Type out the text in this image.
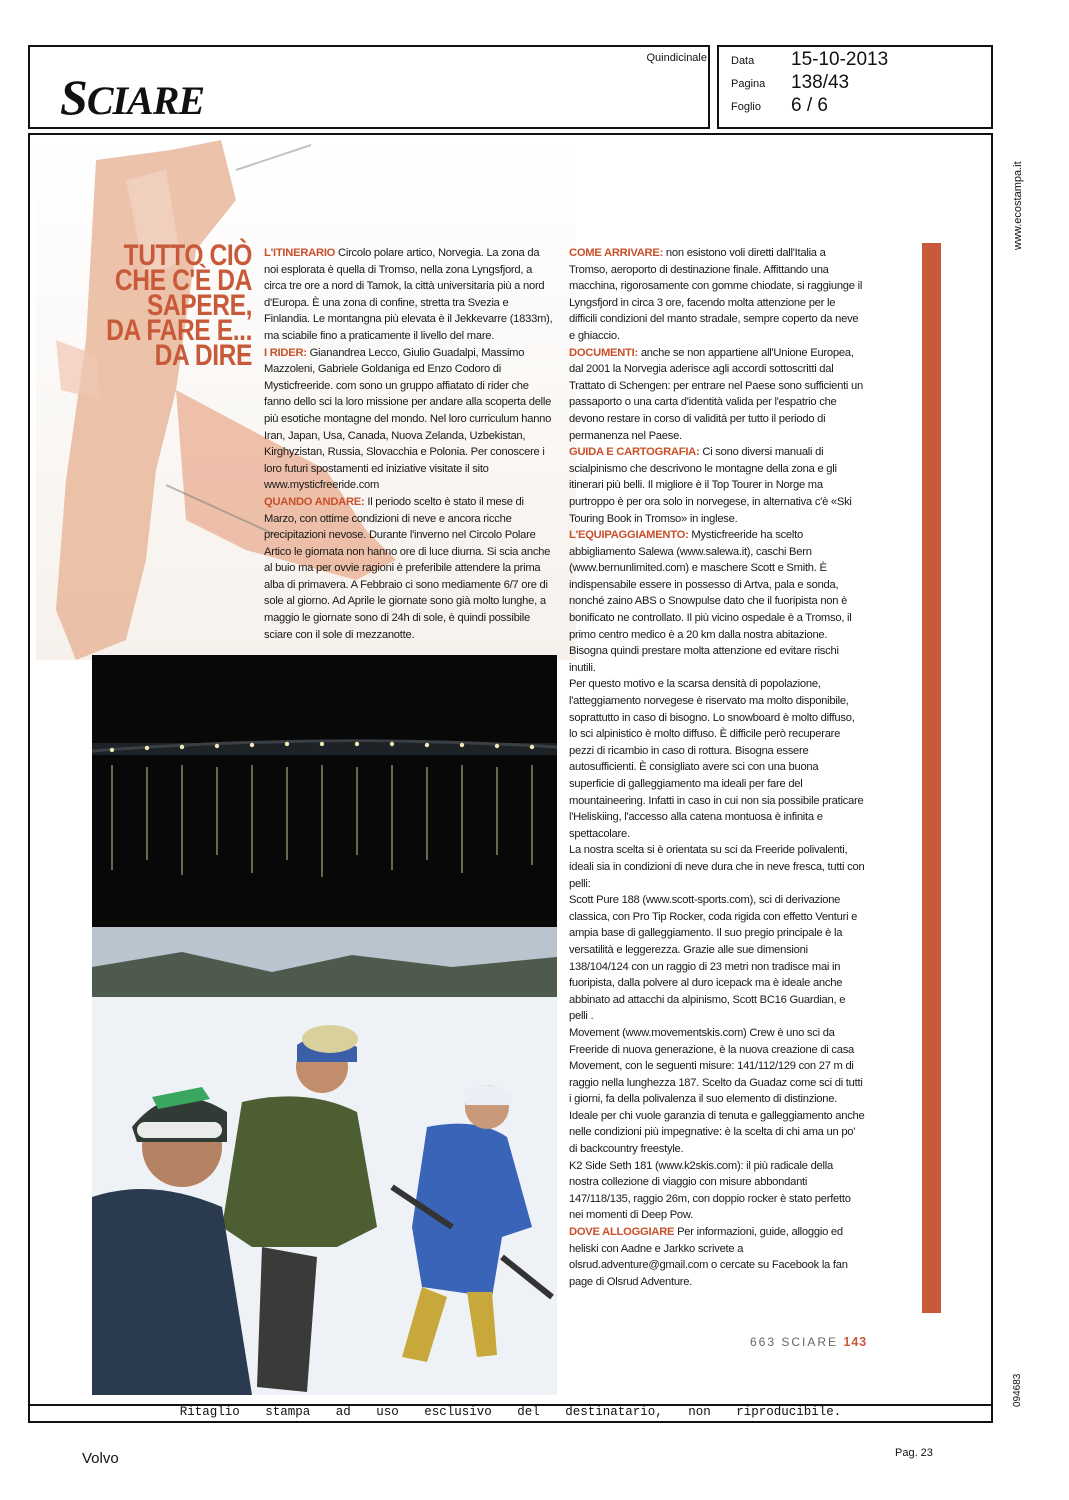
SCIARE
Quindicinale Data 15-10-2013
Pagina 138/43
Foglio 6 / 6
www.ecostampa.it
TUTTO CIÒ
CHE C'È DA
SAPERE,
DA FARE E...
DA DIRE

L'ITINERARIO Circolo polare artico, Norvegia. La zona da noi esplorata è quella di Tromso, nella zona Lyngsfjord, a circa tre ore a nord di Tamok, la città universitaria più a nord d'Europa. È una zona di confine, stretta tra Svezia e Finlandia. Le montangna più elevata è il Jekkevarre (1833m), ma sciabile fino a praticamente il livello del mare.

I RIDER: Gianandrea Lecco, Giulio Guadalpi, Massimo Mazzoleni, Gabriele Goldaniga ed Enzo Codoro di Mysticfreeride. com sono un gruppo affiatato di rider che fanno dello sci la loro missione per andare alla scoperta delle più esotiche montagne del mondo. Nel loro curriculum hanno Iran, Japan, Usa, Canada, Nuova Zelanda, Uzbekistan, Kirghyzistan, Russia, Slovacchia e Polonia. Per conoscere i loro futuri spostamenti ed iniziative visitate il sito www.mysticfreeride.com

QUANDO ANDARE: Il periodo scelto è stato il mese di Marzo, con ottime condizioni di neve e ancora ricche precipitazioni nevose. Durante l'inverno nel Circolo Polare Artico le giornata non hanno ore di luce diurna. Si scia anche al buio ma per ovvie ragioni è preferibile attendere la prima alba di primavera. A Febbraio ci sono mediamente 6/7 ore di sole al giorno. Ad Aprile le giornate sono già molto lunghe, a maggio le giornate sono di 24h di sole, è quindi possibile sciare con il sole di mezzanotte.

COME ARRIVARE: non esistono voli diretti dall'Italia a Tromso, aeroporto di destinazione finale. Affittando una macchina, rigorosamente con gomme chiodate, si raggiunge il Lyngsfjord in circa 3 ore, facendo molta attenzione per le difficili condizioni del manto stradale, sempre coperto da neve e ghiaccio.

DOCUMENTI: anche se non appartiene all'Unione Europea, dal 2001 la Norvegia aderisce agli accordi sottoscritti dal Trattato di Schengen: per entrare nel Paese sono sufficienti un passaporto o una carta d'identità valida per l'espatrio che devono restare in corso di validità per tutto il periodo di permanenza nel Paese.

GUIDA E CARTOGRAFIA: Ci sono diversi manuali di scialpinismo che descrivono le montagne della zona e gli itinerari più belli. Il migliore è il Top Tourer in Norge ma purtroppo è per ora solo in norvegese, in alternativa c'è «Ski Touring Book in Tromso» in inglese.

L'EQUIPAGGIAMENTO: Mysticfreeride ha scelto abbigliamento Salewa (www.salewa.it), caschi Bern (www.bernunlimited.com) e maschere Scott e Smith. È indispensabile essere in possesso di Artva, pala e sonda, nonché zaino ABS o Snowpulse dato che il fuoripista non è bonificato ne controllato. Il più vicino ospedale è a Tromso, il primo centro medico è a 20 km dalla nostra abitazione. Bisogna quindi prestare molta attenzione ed evitare rischi inutili.

Per questo motivo e la scarsa densità di popolazione, l'atteggiamento norvegese è riservato ma molto disponibile, soprattutto in caso di bisogno. Lo snowboard è molto diffuso, lo sci alpinistico è molto diffuso. È difficile però recuperare pezzi di ricambio in caso di rottura. Bisogna essere autosufficienti. È consigliato avere sci con una buona superficie di galleggiamento ma ideali per fare del mountaineering. Infatti in caso in cui non sia possibile praticare l'Heliskiing, l'accesso alla catena montuosa è infinita e spettacolare.

La nostra scelta si è orientata su sci da Freeride polivalenti, ideali sia in condizioni di neve dura che in neve fresca, tutti con pelli:

Scott Pure 188 (www.scott-sports.com), sci di derivazione classica, con Pro Tip Rocker, coda rigida con effetto Venturi e ampia base di galleggiamento. Il suo pregio principale è la versatilità e leggerezza. Grazie alle sue dimensioni 138/104/124 con un raggio di 23 metri non tradisce mai in fuoripista, dalla polvere al duro icepack ma è ideale anche abbinato ad attacchi da alpinismo, Scott BC16 Guardian, e pelli .

Movement (www.movementskis.com) Crew è uno sci da Freeride di nuova generazione, è la nuova creazione di casa Movement, con le seguenti misure: 141/112/129 con 27 m di raggio nella lunghezza 187. Scelto da Guadaz come sci di tutti i giorni, fa della polivalenza il suo elemento di distinzione. Ideale per chi vuole garanzia di tenuta e galleggiamento anche nelle condizioni più impegnative: è la scelta di chi ama un po' di backcountry freestyle.

K2 Side Seth 181 (www.k2skis.com): il più radicale della nostra collezione di viaggio con misure abbondanti 147/118/135, raggio 26m, con doppio rocker è stato perfetto nei momenti di Deep Pow.

DOVE ALLOGGIARE Per informazioni, guide, alloggio ed heliski con Aadne e Jarkko scrivete a olsrud.adventure@gmail.com o cercate su Facebook la fan page di Olsrud Adventure.

663 SCIARE 143
Ritaglio stampa ad uso esclusivo del destinatario, non riproducibile.
094683
Volvo	Pag. 23
